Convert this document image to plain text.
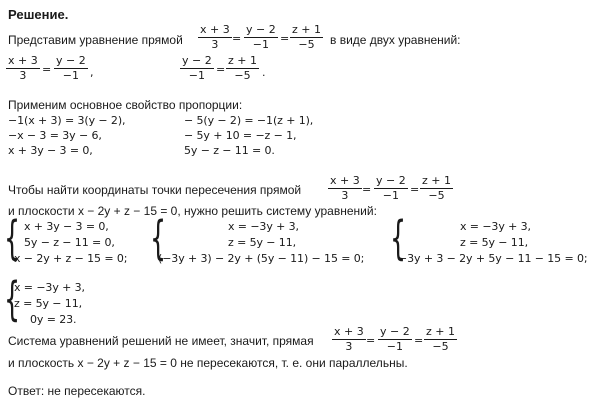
Решение.
Представим уравнение прямой
x + 3
3 =
y − 2
−1 =
z + 1
−5 в виде двух уравнений:
x + 3
3 =
y − 2
−1 ,
y − 2
−1 =
z + 1
−5 .
Применим основное свойство пропорции:
−1(x + 3) = 3(y − 2),
−x − 3 = 3y − 6,
x + 3y − 3 = 0,
− 5(y − 2) = −1(z + 1),
− 5y + 10 = −z − 1,
5y − z − 11 = 0.
Чтобы найти координаты точки пересечения прямой
x + 3
3 =
y − 2
−1 =
z + 1
−5
и плоскости x − 2y + z − 15 = 0, нужно решить систему уравнений:
{ x + 3y − 3 = 0,
5y − z − 11 = 0,
x − 2y + z − 15 = 0; {	x = −3y + 3,
z = 5y − 11,
(−3y + 3) − 2y + (5y − 11) − 15 = 0; {	x = −3y + 3,
z = 5y − 11,
−3y + 3 − 2y + 5y − 11 − 15 = 0;
{
x = −3y + 3,
z = 5y − 11,
0y = 23.
Система уравнений решений не имеет, значит, прямая
x + 3
3 =
y − 2
−1 =
z + 1
−5
и плоскость x − 2y + z − 15 = 0 не пересекаются, т. е. они параллельны.
Ответ: не пересекаются.
